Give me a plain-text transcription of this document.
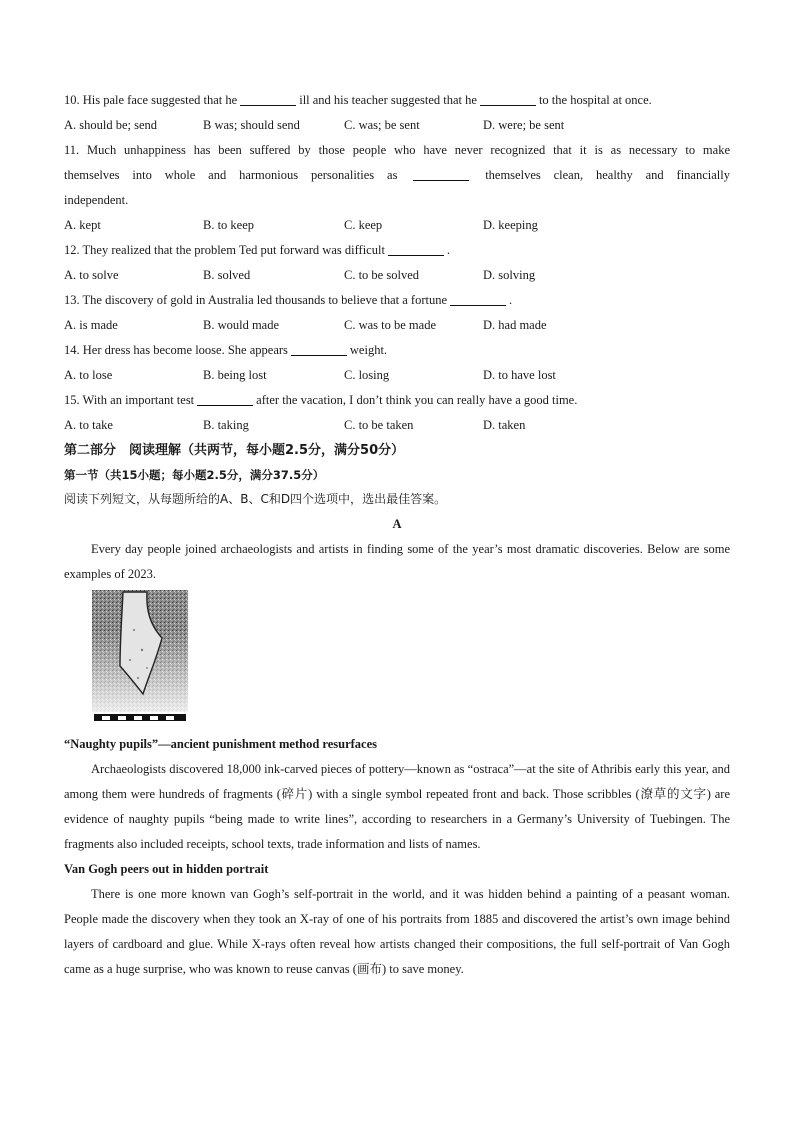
10. His pale face suggested that he	ill and his teacher suggested that he	to the hospital at once.
A. should be; send	B was; should send	C. was; be sent	D. were; be sent
11. Much unhappiness has been suffered by those people who have never recognized that it is as necessary to make
themselves into whole and harmonious personalities as	themselves clean, healthy and financially
independent.
A. kept	B. to keep	C. keep	D. keeping
12. They realized that the problem Ted put forward was difficult	.
A. to solve	B. solved	C. to be solved	D. solving
13. The discovery of gold in Australia led thousands to believe that a fortune	.
A. is made	B. would made	C. was to be made	D. had made
14. Her dress has become loose. She appears	weight.
A. to lose	B. being lost	C. losing	D. to have lost
15. With an important test	after the vacation, I don’t think you can really have a good time.
A. to take	B. taking	C. to be taken	D. taken
第二部分　阅读理解（共两节，每小题2.5分，满分50分）
第一节（共15小题；每小题2.5分，满分37.5分）
阅读下列短文，从每题所给的A、B、C和D四个选项中，选出最佳答案。
A
Every day people joined archaeologists and artists in finding some of the year’s most dramatic discoveries. Below are some examples of 2023.
“Naughty pupils”—ancient punishment method resurfaces
Archaeologists discovered 18,000 ink-carved pieces of pottery—known as “ostraca”—at the site of Athribis early this year, and among them were hundreds of fragments (碎片) with a single symbol repeated front and back. Those scribbles (潦草的文字) are evidence of naughty pupils “being made to write lines”, according to researchers in a Germany’s University of Tuebingen. The fragments also included receipts, school texts, trade information and lists of names.
Van Gogh peers out in hidden portrait
There is one more known van Gogh’s self-portrait in the world, and it was hidden behind a painting of a peasant woman. People made the discovery when they took an X-ray of one of his portraits from 1885 and discovered the artist’s own image behind layers of cardboard and glue. While X-rays often reveal how artists changed their compositions, the full self-portrait of Van Gogh came as a huge surprise, who was known to reuse canvas (画布) to save money.
